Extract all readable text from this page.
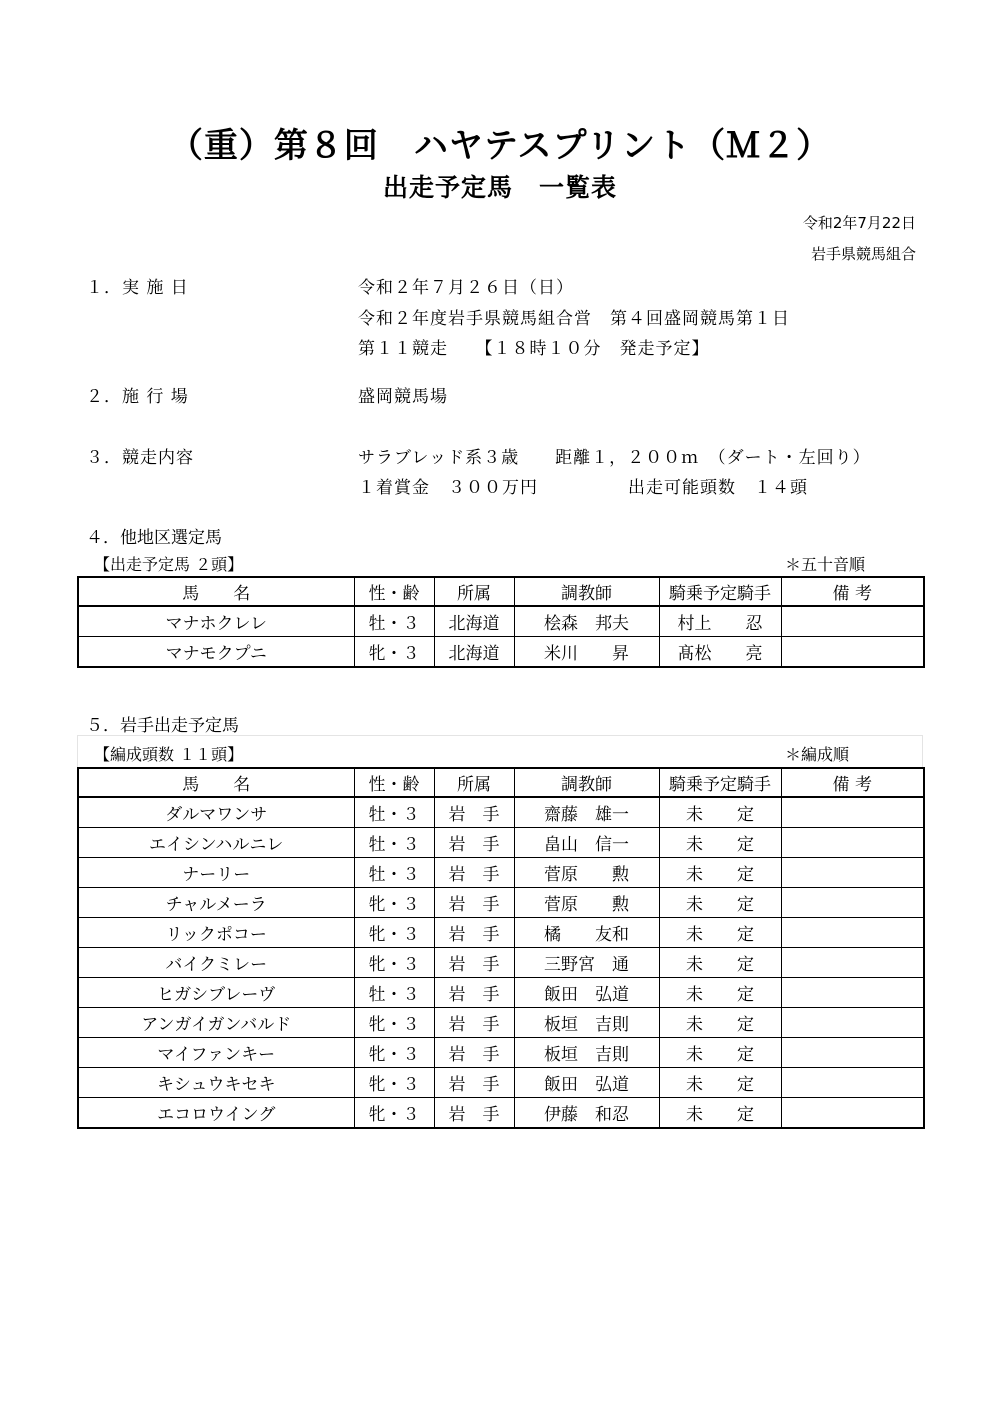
（重）第８回　ハヤテスプリント（Ｍ２）
出走予定馬　一覧表
令和2年7月22日
岩手県競馬組合
１．実 施 日	令和２年７月２６日（日）
令和２年度岩手県競馬組合営　第４回盛岡競馬第１日
第１１競走　　【１８時１０分　発走予定】
２．施 行 場	盛岡競馬場
３．競走内容	サラブレッド系３歳　　距離１，２００ｍ　（ダート・左回り）
１着賞金　３００万円　　　　　出走可能頭数　１４頭
４．他地区選定馬
【出走予定馬 ２頭】	＊五十音順
馬　　名	性・齢	所属	調教師	騎乗予定騎手	備 考
マナホクレレ	牡・３	北海道	桧森　邦夫	村上　　忍	
マナモクプニ	牝・３	北海道	米川　　昇	髙松　　亮	
５．岩手出走予定馬
【編成頭数 １１頭】	＊編成順
馬　　名	性・齢	所属	調教師	騎乗予定騎手	備 考
ダルマワンサ	牡・３	岩　手	齋藤　雄一	未　　定	
エイシンハルニレ	牡・３	岩　手	畠山　信一	未　　定	
ナーリー	牡・３	岩　手	菅原　　勲	未　　定	
チャルメーラ	牝・３	岩　手	菅原　　勲	未　　定	
リックポコー	牝・３	岩　手	橘　　友和	未　　定	
バイクミレー	牝・３	岩　手	三野宮　通	未　　定	
ヒガシブレーヴ	牡・３	岩　手	飯田　弘道	未　　定	
アンガイガンバルド	牝・３	岩　手	板垣　吉則	未　　定	
マイファンキー	牝・３	岩　手	板垣　吉則	未　　定	
キシュウキセキ	牝・３	岩　手	飯田　弘道	未　　定	
エコロウイング	牝・３	岩　手	伊藤　和忍	未　　定	
